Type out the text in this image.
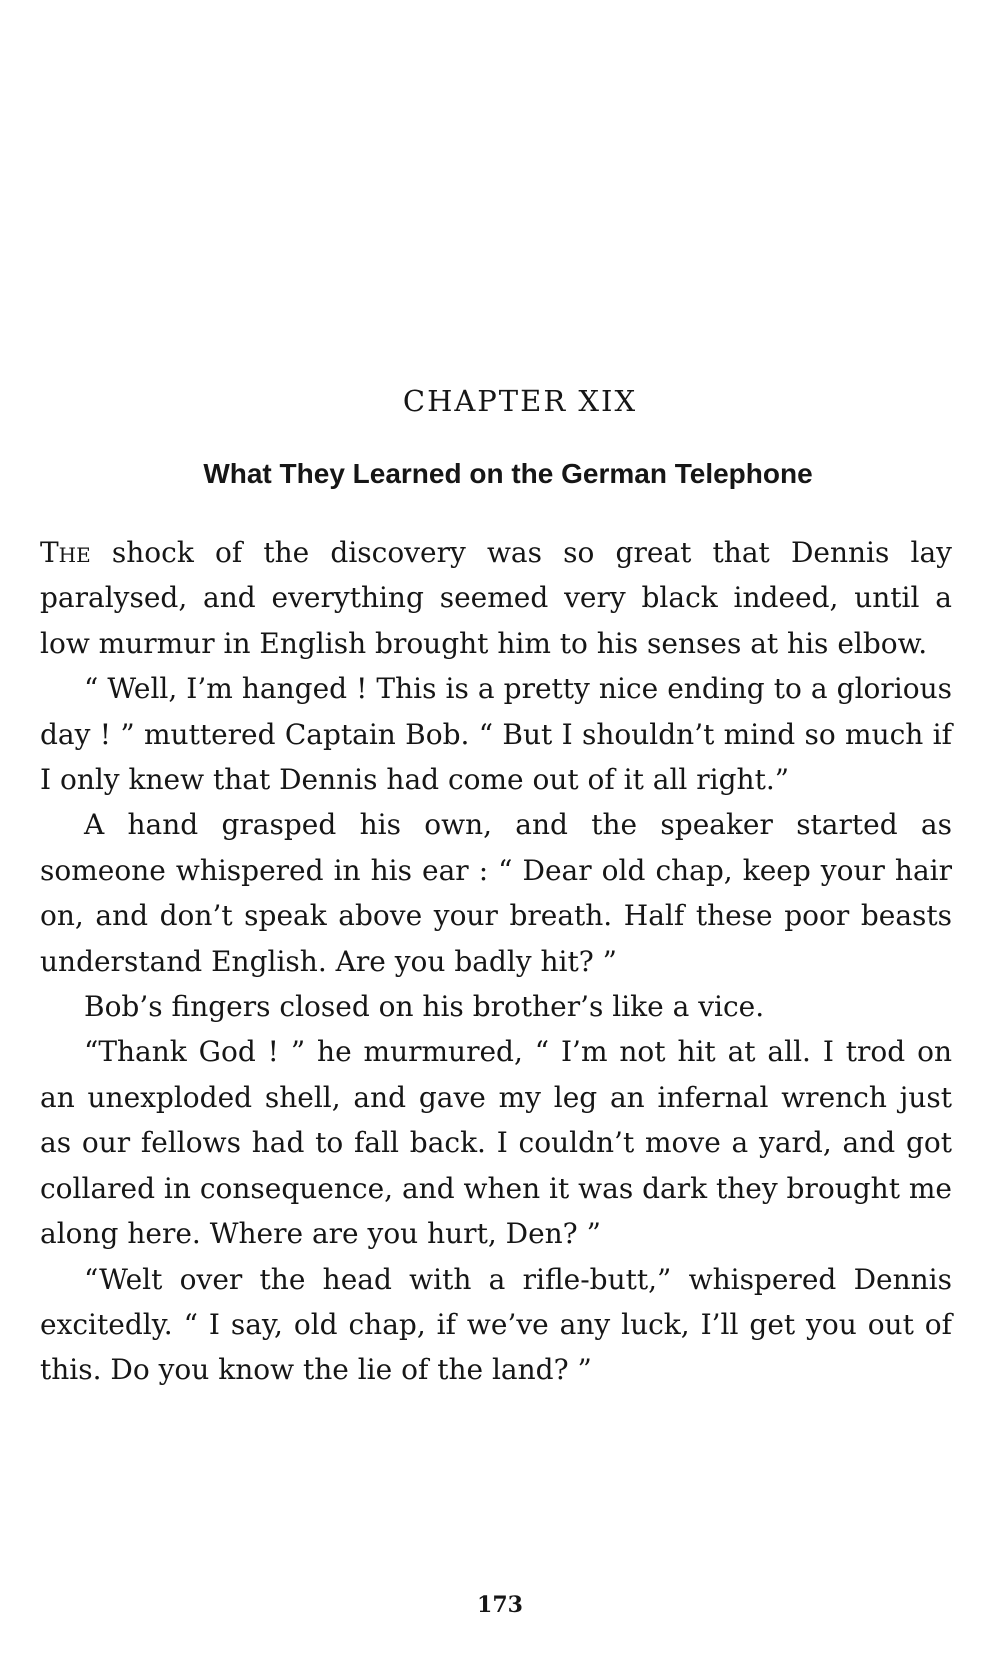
CHAPTER XIX
What They Learned on the German Telephone

The shock of the discovery was so great that Dennis lay paralysed, and everything seemed very black indeed, until a low murmur in English brought him to his senses at his elbow.

“ Well, I’m hanged ! This is a pretty nice ending to a glorious day ! ” muttered Captain Bob. “ But I shouldn’t mind so much if I only knew that Dennis had come out of it all right.”

A hand grasped his own, and the speaker started as someone whispered in his ear : “ Dear old chap, keep your hair on, and don’t speak above your breath. Half these poor beasts understand English. Are you badly hit? ”

Bob’s fingers closed on his brother’s like a vice.

“Thank God ! ” he murmured, “ I’m not hit at all. I trod on an unexploded shell, and gave my leg an infernal wrench just as our fellows had to fall back. I couldn’t move a yard, and got collared in consequence, and when it was dark they brought me along here. Where are you hurt, Den? ”

“Welt over the head with a rifle-butt,” whispered Dennis excitedly. “ I say, old chap, if we’ve any luck, I’ll get you out of this. Do you know the lie of the land? ”

173
